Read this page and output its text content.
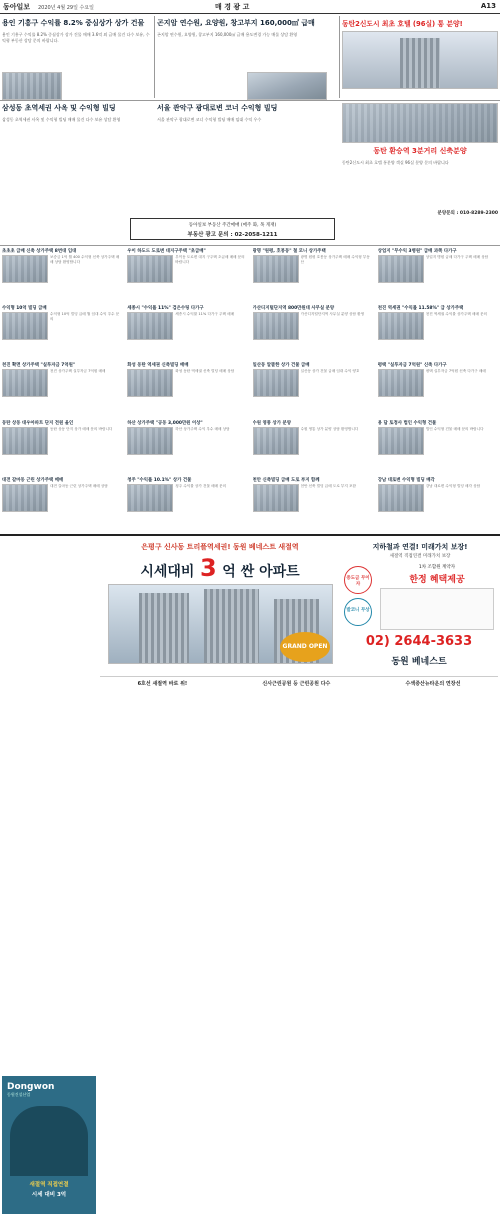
동아일보 2020년 4월 29일 수요일	매 경 광 고	A13
용인 기흥구 수익률 8.2% 중심상가 상가 건물
용인 기흥구 수익률 8.2% 중심상가 상가 건물 매매 3.6억 외 급매 물건 다수 보유, 수익형 부동산 상담 문의 바랍니다.
곤지암 연수원, 요양원, 창고부지 160,000㎡ 급매
곤지암 연수원, 요양원, 창고부지 160,000㎡ 급매 용도변경 가능 매물 상담 환영
동탄2신도시 최초 호텔 (96실) 통 분양!
삼성동 초역세권 사옥 및 수익형 빌딩
삼성동 초역세권 사옥 및 수익형 빌딩 매매 물건 다수 보유 상담 환영
서울 관악구 광대로변 코너 수익형 빌딩
서울 관악구 광대로변 코너 수익형 빌딩 매매 임대 수익 우수
동탄 환승역 3분거리 신축분양
동탄2신도시 최초 호텔 통분양 객실 96실 분양 문의 바랍니다
분양문의 : 010-8289-2300
동아일보 부동산 주간매매 (매주 화, 목 게재)
부동산 광고 문의 : 02-2058-1211
초초초 급매 신축 상가주택 8번대 임대
보증금 1억 월 400 수익형 신축 상가주택 매매 상담 환영합니다
우이 하도드 도로변 대지구주택 "초급매"
우이동 도로변 대지 구주택 초급매 매매 문의 바랍니다
광명 "원평, 호봉동" 철 모니 상가주택
광명 원평 호봉동 상가주택 매매 수익형 부동산
상업지 "무수익 3병원" 급매 과쪽 다가구
상업지 병원 급매 다가구 주택 매매 상담
수익형 10억 빌딩 급매
수익형 10억 빌딩 급매 월 임대 수익 우수 문의
세종시 "수익률 11%" 검은수팅 다가구
세종시 수익률 11% 다가구 주택 매매
가산디지털단지역 800만원대 사무실 분양
가산디지털단지역 사무실 분양 상담 환영
천진 역세권 "수익률 11.58%" 급 상가주택
천진 역세권 수익률 상가주택 매매 문의
천진 확면 상가주택 "실투자금 7억원"
천진 상가주택 실투자금 7억원 매매
화성 동탄 역세권 신축빌딩 매매
화성 동탄 역세권 신축 빌딩 매매 상담
일산동 알뜰한 상가 건물 급매
일산동 상가 건물 급매 임대 수익 양호
평택 "실투자금 7억원" 신축 다가구
평택 실투자금 7억원 신축 다가구 매매
동탄 상동 대우아파트 단지 전원 올인
동탄 상동 단지 상가 매매 문의 바랍니다
하산 상가주택 "공동 3,000만원 이상"
하산 상가주택 수익 우수 매매 상담
수원 영통 상가 분양
수원 영통 상가 분양 상담 환영합니다
용 담 토정사 법인 수익형 건물
법인 수익형 건물 매매 문의 바랍니다
대전 갈마동 근린 상가주택 매매
대전 갈마동 근린 상가주택 매매 상담
청주 "수익률 10.1%" 상가 건물
청주 수익률 상가 건물 매매 문의
천안 신축빌딩 급매 도로 부지 함께
천안 신축 빌딩 급매 도로 부지 포함
강남 대로변 수익형 빌딩 매각
강남 대로변 수익형 빌딩 매각 상담
Dongwon
동원건설산업
새절역 직접연결
시세 대비 3억
은평구 신사동 트리플역세권! 동원 베네스트 새절역
시세대비 3 억 싼 아파트
GRAND OPEN
지하철과 연결! 미래가치 보장!
새절역 직접연결 미래가치 보장
중도금 무이자
발코니 무상
1차 조합원 계약자
한정 혜택제공
02) 2644-3633
동원 베네스트
6호선 새절역 바로 위!	신사근린공원 등 근린공원 다수	수색증산뉴타운의 연장선
